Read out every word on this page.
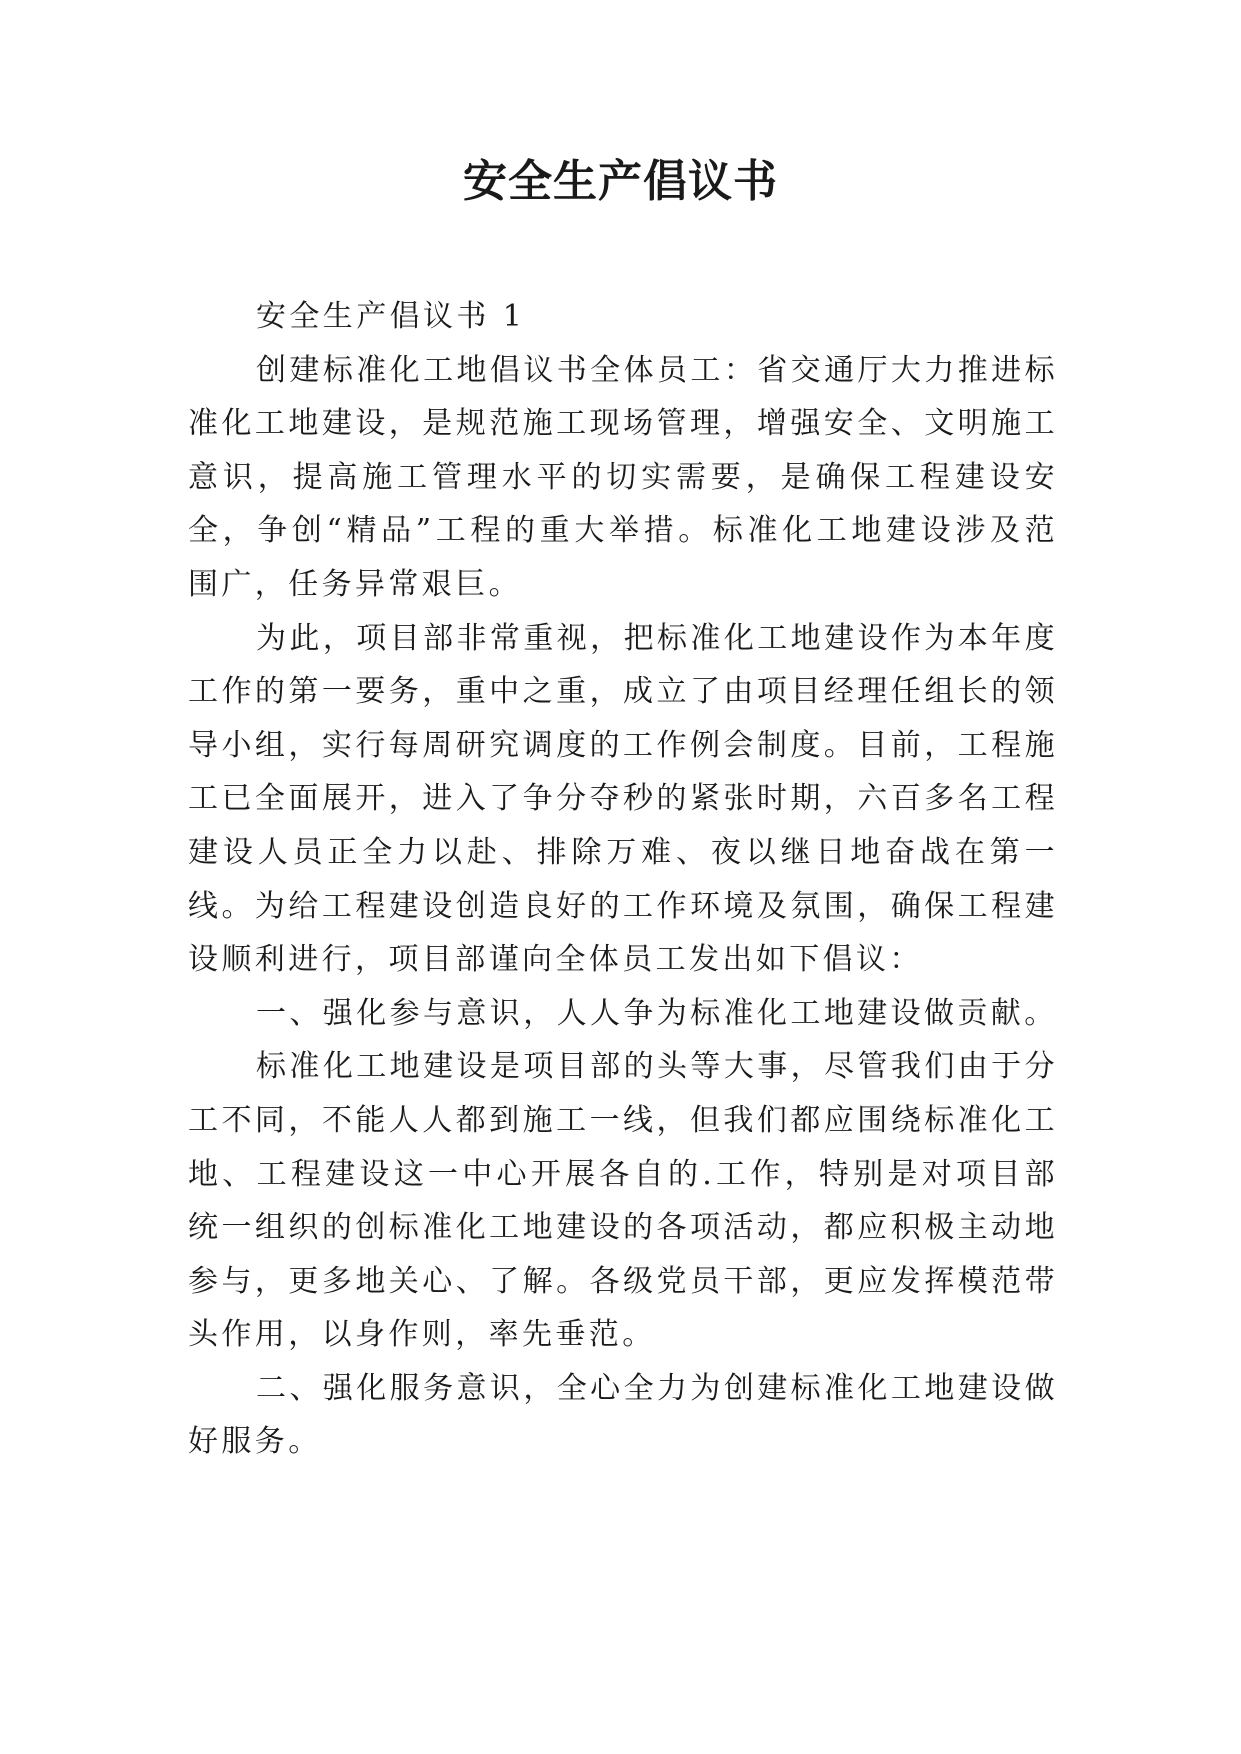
安全生产倡议书

安全生产倡议书 1

创建标准化工地倡议书全体员工：省交通厅大力推进标准化工地建设，是规范施工现场管理，增强安全、文明施工意识，提高施工管理水平的切实需要，是确保工程建设安全，争创“精品”工程的重大举措。标准化工地建设涉及范围广，任务异常艰巨。

为此，项目部非常重视，把标准化工地建设作为本年度工作的第一要务，重中之重，成立了由项目经理任组长的领导小组，实行每周研究调度的工作例会制度。目前，工程施工已全面展开，进入了争分夺秒的紧张时期，六百多名工程建设人员正全力以赴、排除万难、夜以继日地奋战在第一线。为给工程建设创造良好的工作环境及氛围，确保工程建设顺利进行，项目部谨向全体员工发出如下倡议：

一、强化参与意识，人人争为标准化工地建设做贡献。

标准化工地建设是项目部的头等大事，尽管我们由于分工不同，不能人人都到施工一线，但我们都应围绕标准化工地、工程建设这一中心开展各自的.工作，特别是对项目部统一组织的创标准化工地建设的各项活动，都应积极主动地参与，更多地关心、了解。各级党员干部，更应发挥模范带头作用，以身作则，率先垂范。

二、强化服务意识，全心全力为创建标准化工地建设做好服务。
